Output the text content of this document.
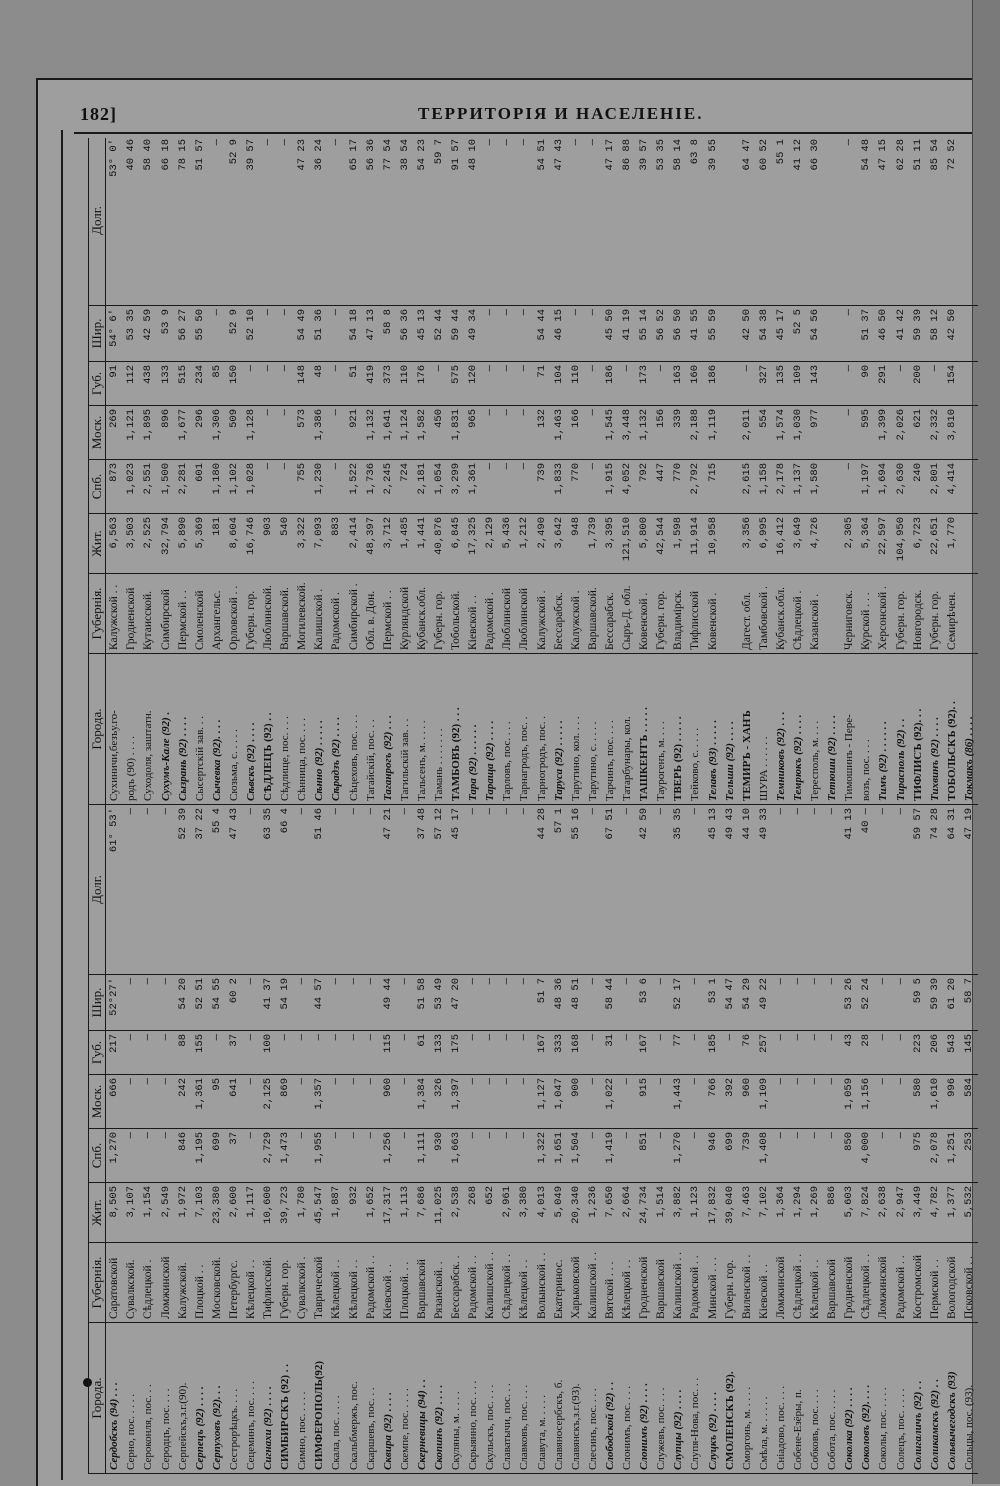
182]	ТЕРРИТОРІЯ И НАСЕЛЕНІЕ.
Города.
Губернія.
Жит.
Спб.
Моск.
Губ.
Шир.
Долг.
Сердобскъ (94) . . .
Саратовской
8,505
1,270
666
217
52°27′
61° 53′
Серно, пос. . . . .
Сувалкской.
3,107
—
—
—
—
—
Сероконля, пос. . .
Сѣдлецкой .
1,154
—
—
—
—
—
Серодцъ, пос. . . .
Ломжинской
2,549
—
—
—
—
—
Серпейскъ,з.г.(90).
Калужской.
1,972
846
242
88
54 20
52 39
Серпецъ (92) . . . .
Плоцкой . .
7,103
1,195
1,361
155
52 51
37 22
Серпуховъ (92). . .
Московской.
23,380
699
95
—
54 55
55 4
Сестрорѣцкъ. . . .
Петербургс.
2,600
37
641
37
60 2
47 43
Сецеминъ, пос. . . .
Кѣлецкой . .
1,117
—
—
—
—
—
Сигнахи (92) . . . .
Тифлисской.
10,600
2,729
2,125
100
41 37
63 35
СИМБИРСКЪ (92) . .
Губерн. гор.
39,723
1,473
869
—
54 19
66 4
Симно, пос. . . . .
Сувалкской .
1,780
—
—
—
—
—
СИМФЕРОПОЛЬ(92)
Таврической
45,547
1,955
1,357
—
44 57
51 46
Скала, пос. . . . .
Кѣлецкой . .
1,887
—
—
—
—
—
Скальбмержъ, пос.
Кѣлецкой . .
932
—
—
—
—
—
Скаршевъ, пос. . .
Радомской . .
1,652
—
—
—
—
—
Сквира (92) . . . .
Кіевской . .
17,317
1,256
960
115
49 44
47 21
Скемпе, пос. . . . .
Плоцкой. . .
1,113
—
—
—
—
—
Скерневицы (94) . .
Варшавской
7,686
1,111
1,384
61
51 58
37 48
Скопинъ (92) . . . .
Рязанской. .
11,025
930
326
133
53 49
57 12
Скуляны, м. . . . .
Бессарабск. .
2,538
1,663
1,397
175
47 20
45 17
Скрыянно, пос. . . .
Радомской . .
268
—
—
—
—
—
Скульскъ, пос. . . .
Калишской . .
652
—
—
—
—
—
Славатычи, пос. . .
Сѣдлецкой . .
2,961
—
—
—
—
—
Славковъ, пос. . . .
Кѣлецкой . .
3,380
—
—
—
—
—
Славута, м. . . . .
Волынской . .
4,013
1,322
1,127
167
51 7
44 28
Славяносербскъ, б.
Екатеринос.
5,049
1,651
1,047
333
48 36
57 1
Славянскъ,з.г.(93).
Харьковской
20,340
1,504
900
168
48 51
55 16
Слесинъ, пос. . . .
Калишской . .
1,236
—
—
—
—
—
Слободской (92) . .
Вятской . . .
7,650
1,419
1,022
31
58 44
67 51
Слонимъ, пос. . . .
Кѣлецкой . .
2,664
—
—
—
—
—
Слонимъ (92) . . . .
Гродненской
24,734
851
915
167
53 6
42 59
Служевъ, пос. . . .
Варшавской
1,514
—
—
—
—
—
Слупцы (92) . . . .
Калишской . .
3,882
1,270
1,443
77
52 17
35 35
Слупя-Нова, пос. . .
Радомской . .
1,123
—
—
—
—
—
Слуцкъ (92) . . . .
Минской . . .
17,832
946
766
185
53 1
45 13
СМОЛЕНСКЪ (92).
Губерн. гор.
39,040
699
392
—
54 47
49 43
Сморгонь, м. . . . .
Виленской . .
7,463
739
960
76
54 29
44 10
Смѣла, м. . . . . .
Кіевской . .
7,102
1,408
1,109
257
49 22
49 33
Сніадово, пос. . . .
Ломжинской
1,364
—
—
—
—
—
Собене-Езёры, п.
Сѣдлецкой . .
1,294
—
—
—
—
—
Собковъ, пос. . . .
Кѣлецкой . .
1,269
—
—
—
—
—
Собота, пос. . . . .
Варшавской
886
—
—
—
—
—
Соколка (92) . . . .
Гродненской
5,603
850
1,059
43
53 26
41 13
Соколовъ (92). . . .
Сѣдлецкой . .
7,824
4,000
1,156
28
52 24
40 —
Соколы, пос. . . . .
Ломжинской
2,638
—
—
—
—
—
Солецъ, пос. . . . .
Радомской . .
2,947
—
—
—
—
—
Солигаличъ (92) . .
Костромской
3,449
975
580
223
59 5
59 57
Соликамскъ (92) . .
Пермской . .
4,782
2,078
1,610
206
59 39
74 28
Сольвычегодскъ (93)
Вологодской
1,377
1,251
996
543
61 20
64 31
Сольцы, пос. (93).
Псковской . .
5,532
253
584
145
58 7
47 19
Города.
Губернія.
Жит.
Спб.
Моск.
Губ.
Шир.
Долг.
Сухиничи,безъу.го-
Калужской . .
6,563
873
269
91
54° 6′
53° 0′
родъ (90) . . . .
Гродненской
3,503
1,023
1,121
112
53 35
40 46
Суходоля, заштатн.
Кутаисской.
2,525
2,551
1,895
438
42 59
58 40
Сухумъ-Кале (92) .
Симбирской
32,794
1,500
896
133
53 9
66 18
Сызрань (92) . . . .
Пермской . .
5,890
2,281
1,677
515
56 27
78 15
Сысертскій зав. . .
Смоленской
5,369
601
296
234
55 50
51 57
Сычевка (92). . . .
Архангельс.
181
1,180
1,306
85
—
—
Сюзьма, с. . . . .
Орловской . .
8,604
1,102
509
150
52 9
52 9
Сѣвскъ (92) . . . .
Губерн. гор.
16,746
1,028
1,128
—
52 10
39 57
СѢДЛЕЦЪ (92) . .
Люблинской.
903
—
—
—
—
—
Сѣдлище, пос. . . .
Варшавской.
540
—
—
—
—
—
Сѣнница, пос. . . .
Могилевской.
3,322
755
573
148
54 49
47 23
Сѣнно (92) . . . . .
Калишской .
7,093
1,230
1,386
48
51 36
36 24
Сѣрадзъ (92) . . . .
Радомской .
883
—
—
—
—
—
Сѣцеховъ, пос. . . .
Симбирской .
2,414
1,522
921
51
54 18
65 17
Тагайскій, пос. . .
Обл. в. Дон.
48,397
1,736
1,132
419
47 13
56 36
Таганрогъ (92) . . .
Пермской . .
3,712
2,245
1,641
373
58 8
77 54
Тагильскій зав. . .
Курляндской
1,485
724
1,124
110
56 36
38 54
Тальсенъ, м. . . . .
Кубанск.обл.
1,441
2,181
1,582
176
45 13
54 23
Тамань . . . . . . .
Губерн. гор.
40,876
1,054
450
—
52 44
59 7
ТАМБОВЪ (92) . . .
Тобольской.
6,845
3,299
1,831
575
59 44
91 57
Тара (92) . . . . . .
Кіевской . .
17,325
1,361
965
120
49 34
48 10
Тараща (92) . . . .
Радомской .
2,129
—
—
—
—
—
Тарловъ, пос. . . .
Люблинской
5,436
—
—
—
—
—
Тарнагродъ, пос. .
Люблинской
1,212
—
—
—
—
—
Тарногродъ, пос. .
Калужской .
2,490
739
132
71
54 44
54 51
Таруса (92) . . . . .
Бессарабск.
3,642
1,833
1,463
104
46 15
47 43
Тарутино, кол. . . .
Калужской .
948
770
166
110
—
—
Тарутино, с. . . . .
Варшавской.
1,739
—
—
—
—
—
Тарчинъ, пос. . . .
Бессарабск.
3,395
1,915
1,545
186
45 50
47 17
Татарбунары, кол.
Сыръ-Д. обл.
121,510
4,052
3,448
—
41 19
86 88
ТАШКЕНТЪ . . . . .
Ковенской .
5,800
792
1,132
173
55 14
39 57
Таурогенъ, м. . . .
Губерн. гор.
42,544
447
156
—
56 52
53 35
ТВЕРЬ (92) . . . . .
Владимірск.
1,598
770
339
163
56 50
58 14
Тейково, с. . . . .
Тифлисской
11,914
2,792
2,188
160
41 55
63 8
Телавъ (93) . . . . .
Ковенской .
10,958
715
1,119
186
55 59
39 55
Тельши (92) . . . . ТЕМИРЪ - ХАНЪ
Дагест. обл.
3,356
2,615
2,011
—
42 50
64 47
ШУРА . . . . . .
Тамбовской .
6,995
1,158
554
327
54 38
60 52
Темниковъ (92) . . .
Кубанск.обл.
16,412
2,178
1,574
135
45 17
55 1
Темрюкъ (92) . . . .
Сѣдлецкой .
3,649
1,137
1,030
109
52 5
41 12
Тересполь, м. . . .
Казанской .
4,726
1,580
977
143
54 56
66 30
Тетюши (92) . . . . Тимошинъ - Пере-
Черниговск.
2,305
—
—
—
—
—
возъ, пос. . . .
Курской . . .
5,364
1,197
595
90
51 37
54 48
Тимъ (92) . . . . . .
Херсонской .
22,597
1,694
1,399
291
46 50
47 15
Тирасполь (92) . .
Губерн. гор.
104,950
2,630
2,026
—
41 42
62 28
ТИФЛИСЪ (92). . .
Новгородск.
6,723
240
621
200
59 39
51 11
Тихвинъ (92) . . . .
Губерн. гор.
22,651
2,801
2,332
—
58 12
85 54
ТОБОЛЬСКЪ (92). .
Семирѣчен.
1,770
4,414
3,810
154
42 50
72 52
Токмакъ (86) . . . .
